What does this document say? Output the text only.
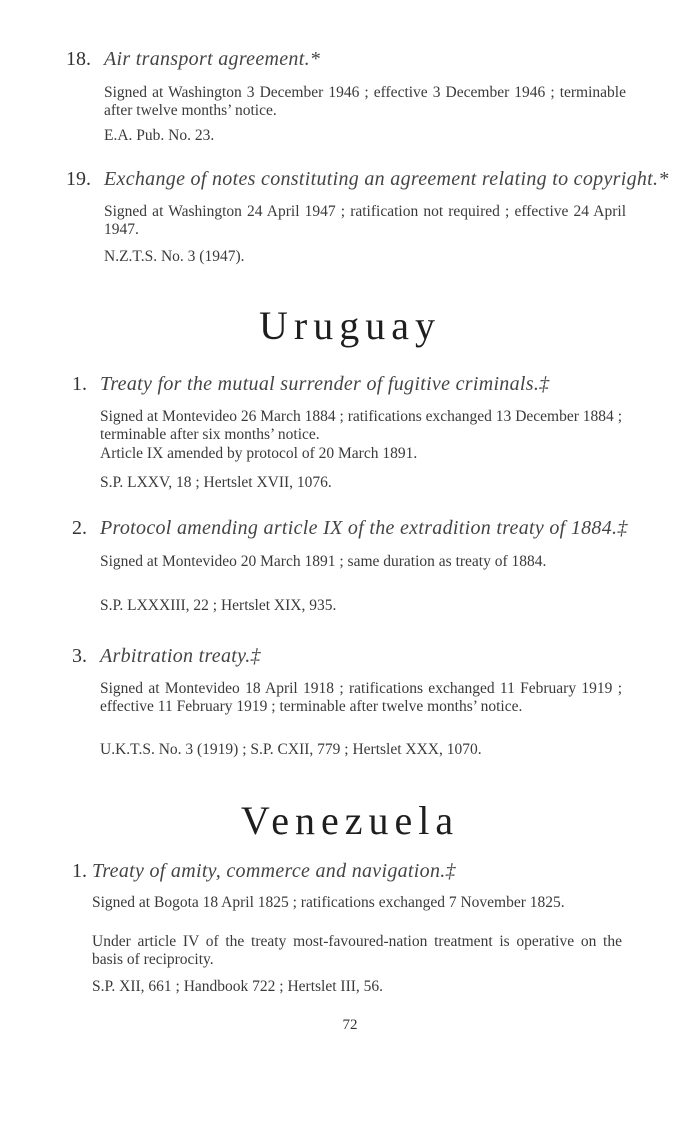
18. Air transport agreement.*
Signed at Washington 3 December 1946 ; effective 3 December 1946 ; terminable after twelve months’ notice.
E.A. Pub. No. 23.
19. Exchange of notes constituting an agreement relating to copyright.*
Signed at Washington 24 April 1947 ; ratification not required ; effective 24 April 1947.
N.Z.T.S. No. 3 (1947).
Uruguay
1. Treaty for the mutual surrender of fugitive criminals.‡
Signed at Montevideo 26 March 1884 ; ratifications exchanged 13 December 1884 ; terminable after six months’ notice.
Article IX amended by protocol of 20 March 1891.
S.P. LXXV, 18 ; Hertslet XVII, 1076.
2. Protocol amending article IX of the extradition treaty of 1884.‡
Signed at Montevideo 20 March 1891 ; same duration as treaty of 1884.
S.P. LXXXIII, 22 ; Hertslet XIX, 935.
3. Arbitration treaty.‡
Signed at Montevideo 18 April 1918 ; ratifications exchanged 11 February 1919 ; effective 11 February 1919 ; terminable after twelve months’ notice.
U.K.T.S. No. 3 (1919) ; S.P. CXII, 779 ; Hertslet XXX, 1070.
Venezuela
1. Treaty of amity, commerce and navigation.‡
Signed at Bogota 18 April 1825 ; ratifications exchanged 7 November 1825.
Under article IV of the treaty most-favoured-nation treatment is operative on the basis of reciprocity.
S.P. XII, 661 ; Handbook 722 ; Hertslet III, 56.
72
